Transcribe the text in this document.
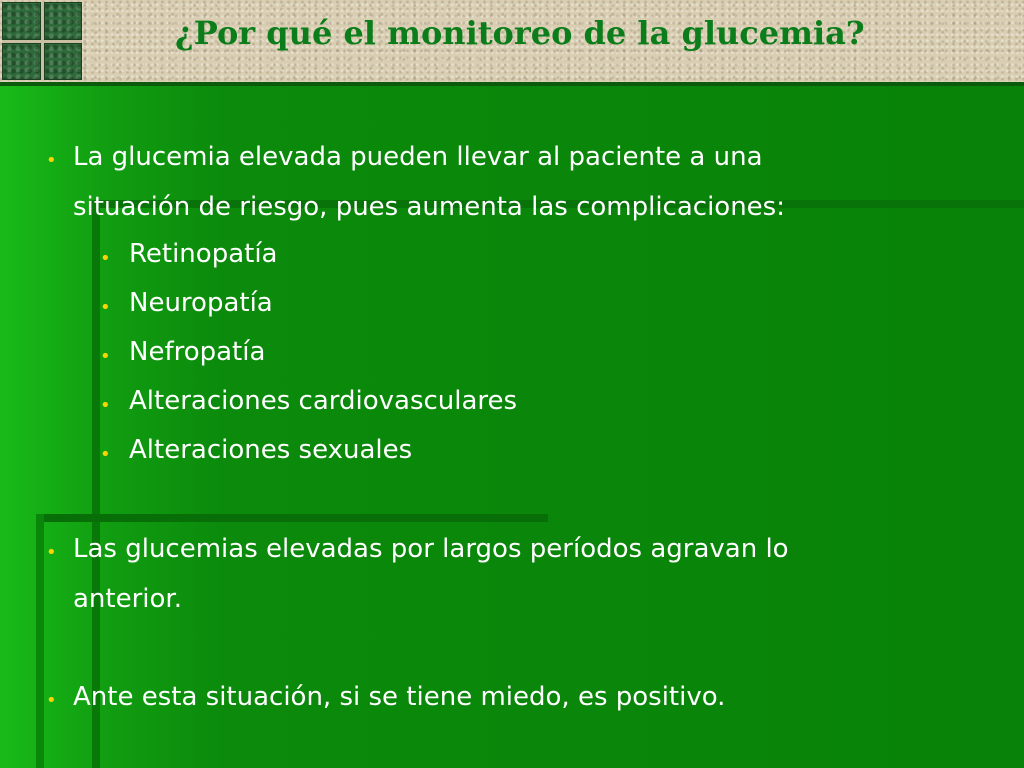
¿Por qué el monitoreo de la glucemia?
• La glucemia elevada pueden llevar al paciente a una
situación de riesgo, pues aumenta las complicaciones:
• Retinopatía
• Neuropatía
• Nefropatía
• Alteraciones cardiovasculares
• Alteraciones sexuales
• Las glucemias elevadas por largos períodos agravan lo
anterior.
• Ante esta situación, si se tiene miedo, es positivo.
